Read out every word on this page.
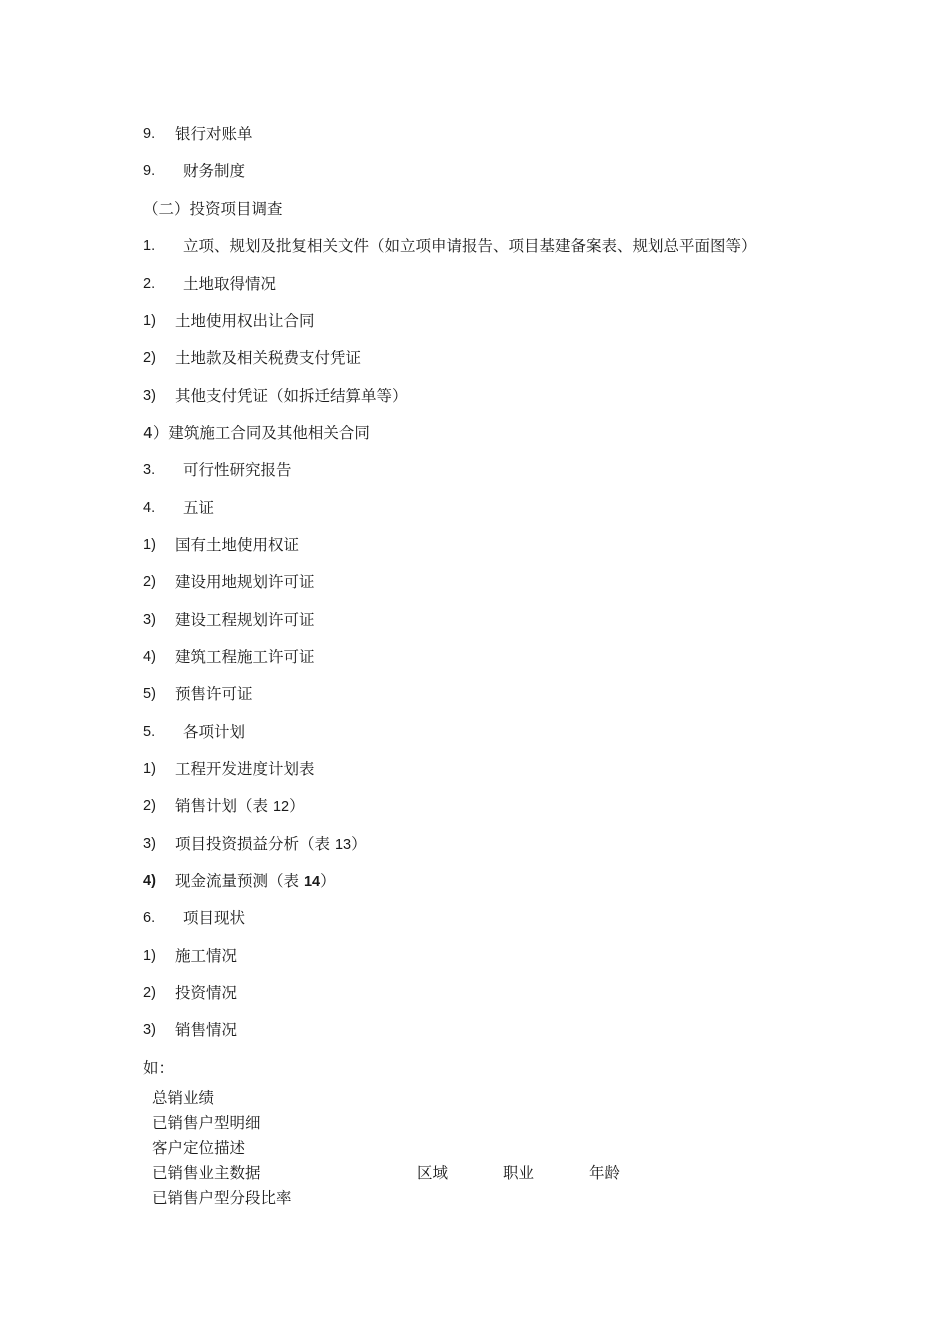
9.	银行对账单
9.	财务制度
（二）投资项目调查
1.	立项、规划及批复相关文件（如立项申请报告、项目基建备案表、规划总平面图等）
2.	土地取得情况
1)	土地使用权出让合同
2)	土地款及相关税费支付凭证
3)	其他支付凭证（如拆迁结算单等）
4）建筑施工合同及其他相关合同
3.	可行性研究报告
4.	五证
1)	国有土地使用权证
2)	建设用地规划许可证
3)	建设工程规划许可证
4)	建筑工程施工许可证
5)	预售许可证
5.	各项计划
1)	工程开发进度计划表
2)	销售计划（表 12）
3)	项目投资损益分析（表 13）
4)	现金流量预测（表 14）
6.	项目现状
1)	施工情况
2)	投资情况
3)	销售情况
如：
总销业绩
已销售户型明细
客户定位描述
已销售业主数据	区域	职业	年龄
已销售户型分段比率
